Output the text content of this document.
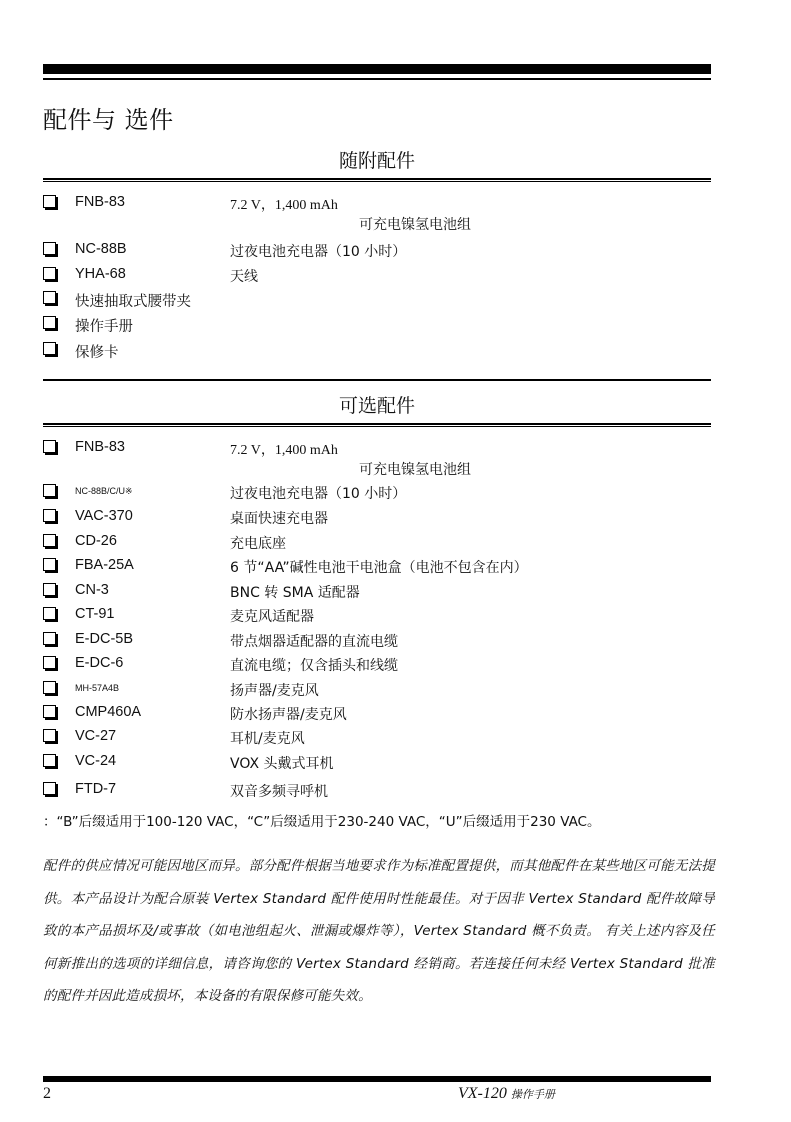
配件与 选件
随附配件
FNB-83	7.2 V，1,400 mAh
可充电镍氢电池组
NC-88B	过夜电池充电器（10 小时）
YHA-68	天线
快速抽取式腰带夹
操作手册
保修卡
可选配件
FNB-83	7.2 V，1,400 mAh
可充电镍氢电池组
NC-88B/C/U※	过夜电池充电器（10 小时）
VAC-370	桌面快速充电器
CD-26	充电底座
FBA-25A	6 节“AA”碱性电池干电池盒（电池不包含在内）
CN-3	BNC 转 SMA 适配器
CT-91	麦克风适配器
E-DC-5B	带点烟器适配器的直流电缆
E-DC-6	直流电缆；仅含插头和线缆
MH-57A4B	扬声器/麦克风
CMP460A	防水扬声器/麦克风
VC-27	耳机/麦克风
VC-24	VOX 头戴式耳机
FTD-7	双音多频寻呼机
：“B”后缀适用于100-120 VAC，“C”后缀适用于230-240 VAC，“U”后缀适用于230 VAC。
配件的供应情况可能因地区而异。部分配件根据当地要求作为标准配置提供，而其他配件在某些地区可能无法提供。本产品设计为配合原装 Vertex Standard 配件使用时性能最佳。对于因非 Vertex Standard 配件故障导致的本产品损坏及/或事故（如电池组起火、泄漏或爆炸等），Vertex Standard 概不负责。 有关上述内容及任何新推出的选项的详细信息，请咨询您的 Vertex Standard 经销商。若连接任何未经 Vertex Standard 批准的配件并因此造成损坏，本设备的有限保修可能失效。
2	VX-120 操作手册
